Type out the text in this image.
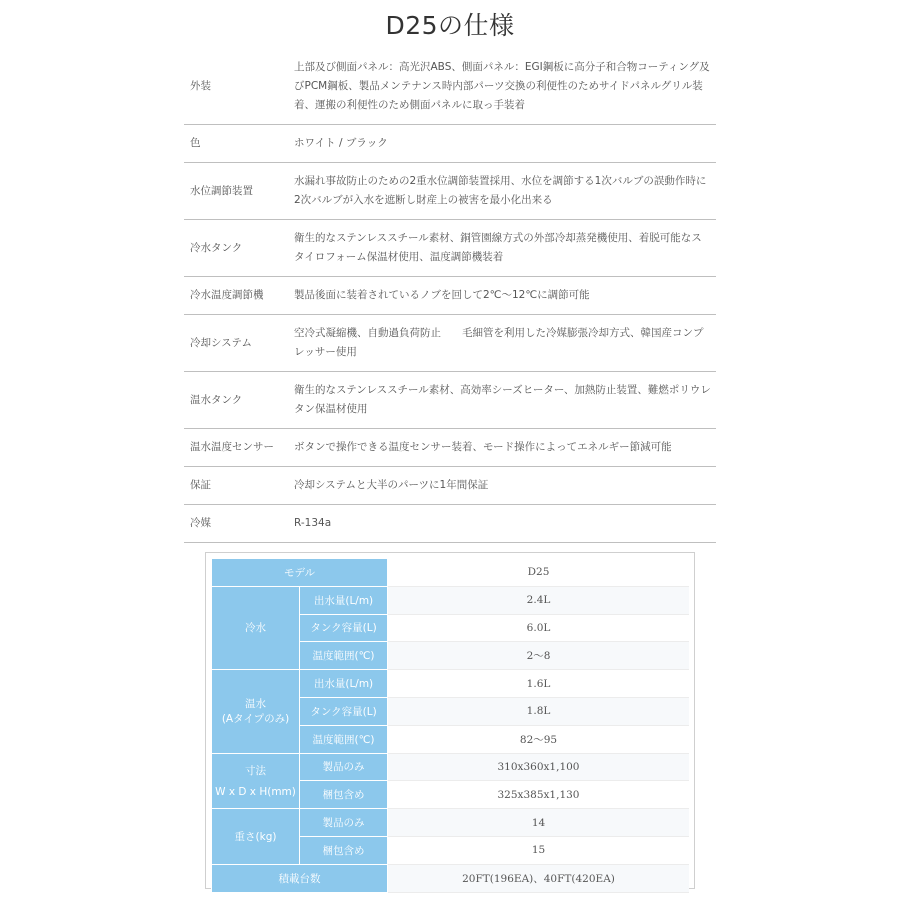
D25の仕様
外装	上部及び側面パネル：高光沢ABS、側面パネル：EGI鋼板に高分子和合物コーティング及びPCM鋼板、製品メンテナンス時内部パーツ交換の利便性のためサイドパネルグリル装着、運搬の利便性のため側面パネルに取っ手装着

色	ホワイト / ブラック

水位調節装置	水漏れ事故防止のための2重水位調節装置採用、水位を調節する1次バルブの誤動作時に2次バルブが入水を遮断し財産上の被害を最小化出来る

冷水タンク	衛生的なステンレススチール素材、銅管園線方式の外部冷却蒸発機使用、着脱可能なスタイロフォーム保温材使用、温度調節機装着

冷水温度調節機	製品後面に装着されているノブを回して2℃～12℃に調節可能

冷却システム	空冷式凝縮機、自動過負荷防止　　毛細管を利用した冷媒膨張冷却方式、韓国産コンプレッサー使用

温水タンク	衛生的なステンレススチール素材、高効率シーズヒーター、加熱防止装置、難燃ポリウレタン保温材使用

温水温度センサー	ボタンで操作できる温度センサー装着、モード操作によってエネルギー節減可能

保証	冷却システムと大半のパーツに1年間保証

冷媒	R-134a
モデル		D25
冷水	出水量(L/m)	2.4L
	タンク容量(L)	6.0L
	温度範囲(℃)	2～8

温水
(Aタイプのみ)	出水量(L/m)	1.6L
	タンク容量(L)	1.8L
	温度範囲(℃)	82～95

寸法
W x D x H(mm)	製品のみ	310x360x1,100
	梱包含め	325x385x1,130
重さ(kg)	製品のみ	14
	梱包含め	15
積載台数		20FT(196EA)、40FT(420EA)
